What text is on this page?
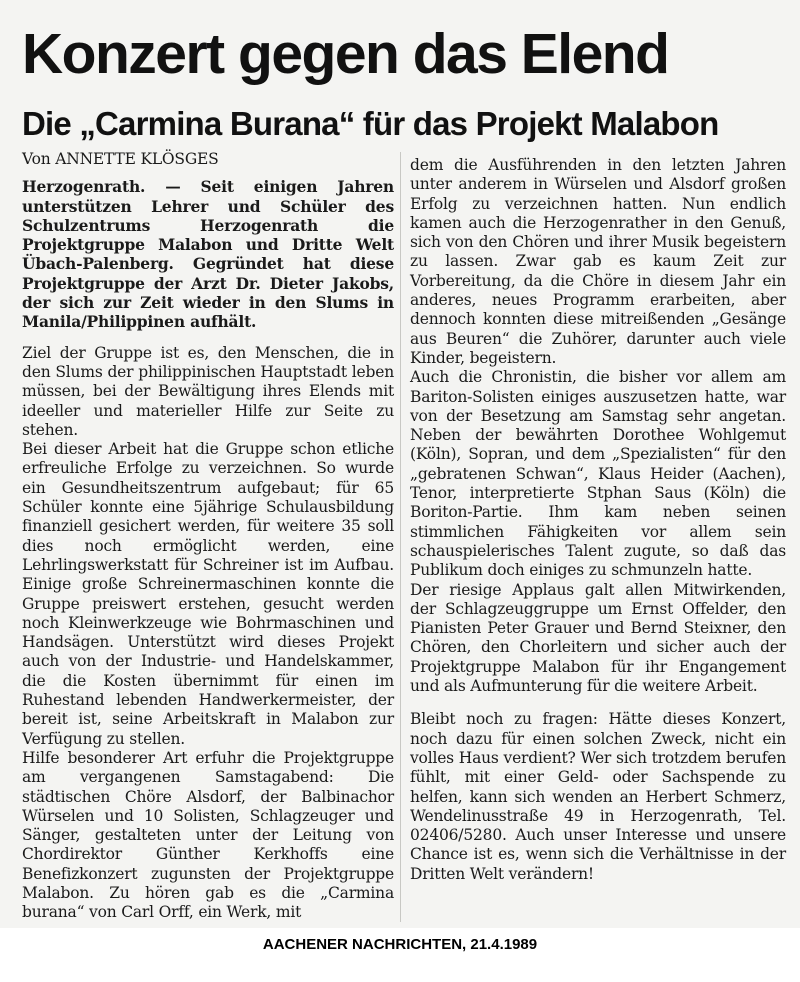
Konzert gegen das Elend
Die „Carmina Burana“ für das Projekt Malabon

Von ANNETTE KLÖSGES

Herzogenrath. — Seit einigen Jahren unterstützen Lehrer und Schüler des Schulzentrums Herzogenrath die Projektgruppe Malabon und Dritte Welt Übach-Palenberg. Gegründet hat diese Projektgruppe der Arzt Dr. Dieter Jakobs, der sich zur Zeit wieder in den Slums in Manila/Philippinen aufhält.

Ziel der Gruppe ist es, den Menschen, die in den Slums der philippinischen Hauptstadt leben müssen, bei der Bewältigung ihres Elends mit ideeller und materieller Hilfe zur Seite zu stehen.

Bei dieser Arbeit hat die Gruppe schon etliche erfreuliche Erfolge zu verzeichnen. So wurde ein Gesundheitszentrum aufgebaut; für 65 Schüler konnte eine 5jährige Schulausbildung finanziell gesichert werden, für weitere 35 soll dies noch ermöglicht werden, eine Lehrlingswerkstatt für Schreiner ist im Aufbau. Einige große Schreinermaschinen konnte die Gruppe preiswert erstehen, gesucht werden noch Kleinwerkzeuge wie Bohrmaschinen und Handsägen. Unterstützt wird dieses Projekt auch von der Industrie- und Handelskammer, die die Kosten übernimmt für einen im Ruhestand lebenden Handwerkermeister, der bereit ist, seine Arbeitskraft in Malabon zur Verfügung zu stellen.

Hilfe besonderer Art erfuhr die Projektgruppe am vergangenen Samstagabend: Die städtischen Chöre Alsdorf, der Balbinachor Würselen und 10 Solisten, Schlagzeuger und Sänger, gestalteten unter der Leitung von Chordirektor Günther Kerkhoffs eine Benefizkonzert zugunsten der Projektgruppe Malabon. Zu hören gab es die „Carmina burana“ von Carl Orff, ein Werk, mit

dem die Ausführenden in den letzten Jahren unter anderem in Würselen und Alsdorf großen Erfolg zu verzeichnen hatten. Nun endlich kamen auch die Herzogenrather in den Genuß, sich von den Chören und ihrer Musik begeistern zu lassen. Zwar gab es kaum Zeit zur Vorbereitung, da die Chöre in diesem Jahr ein anderes, neues Programm erarbeiten, aber dennoch konnten diese mitreißenden „Gesänge aus Beuren“ die Zuhörer, darunter auch viele Kinder, begeistern.

Auch die Chronistin, die bisher vor allem am Bariton-Solisten einiges auszusetzen hatte, war von der Besetzung am Samstag sehr angetan. Neben der bewährten Dorothee Wohlgemut (Köln), Sopran, und dem „Spezialisten“ für den „gebratenen Schwan“, Klaus Heider (Aachen), Tenor, interpretierte Stphan Saus (Köln) die Boriton-Partie. Ihm kam neben seinen stimmlichen Fähigkeiten vor allem sein schauspielerisches Talent zugute, so daß das Publikum doch einiges zu schmunzeln hatte.

Der riesige Applaus galt allen Mitwirkenden, der Schlagzeuggruppe um Ernst Offelder, den Pianisten Peter Grauer und Bernd Steixner, den Chören, den Chorleitern und sicher auch der Projektgruppe Malabon für ihr Engangement und als Aufmunterung für die weitere Arbeit.

Bleibt noch zu fragen: Hätte dieses Konzert, noch dazu für einen solchen Zweck, nicht ein volles Haus verdient? Wer sich trotzdem berufen fühlt, mit einer Geld- oder Sachspende zu helfen, kann sich wenden an Herbert Schmerz, Wendelinusstraße 49 in Herzogenrath, Tel. 02406/5280. Auch unser Interesse und unsere Chance ist es, wenn sich die Verhältnisse in der Dritten Welt verändern!

AACHENER NACHRICHTEN, 21.4.1989
